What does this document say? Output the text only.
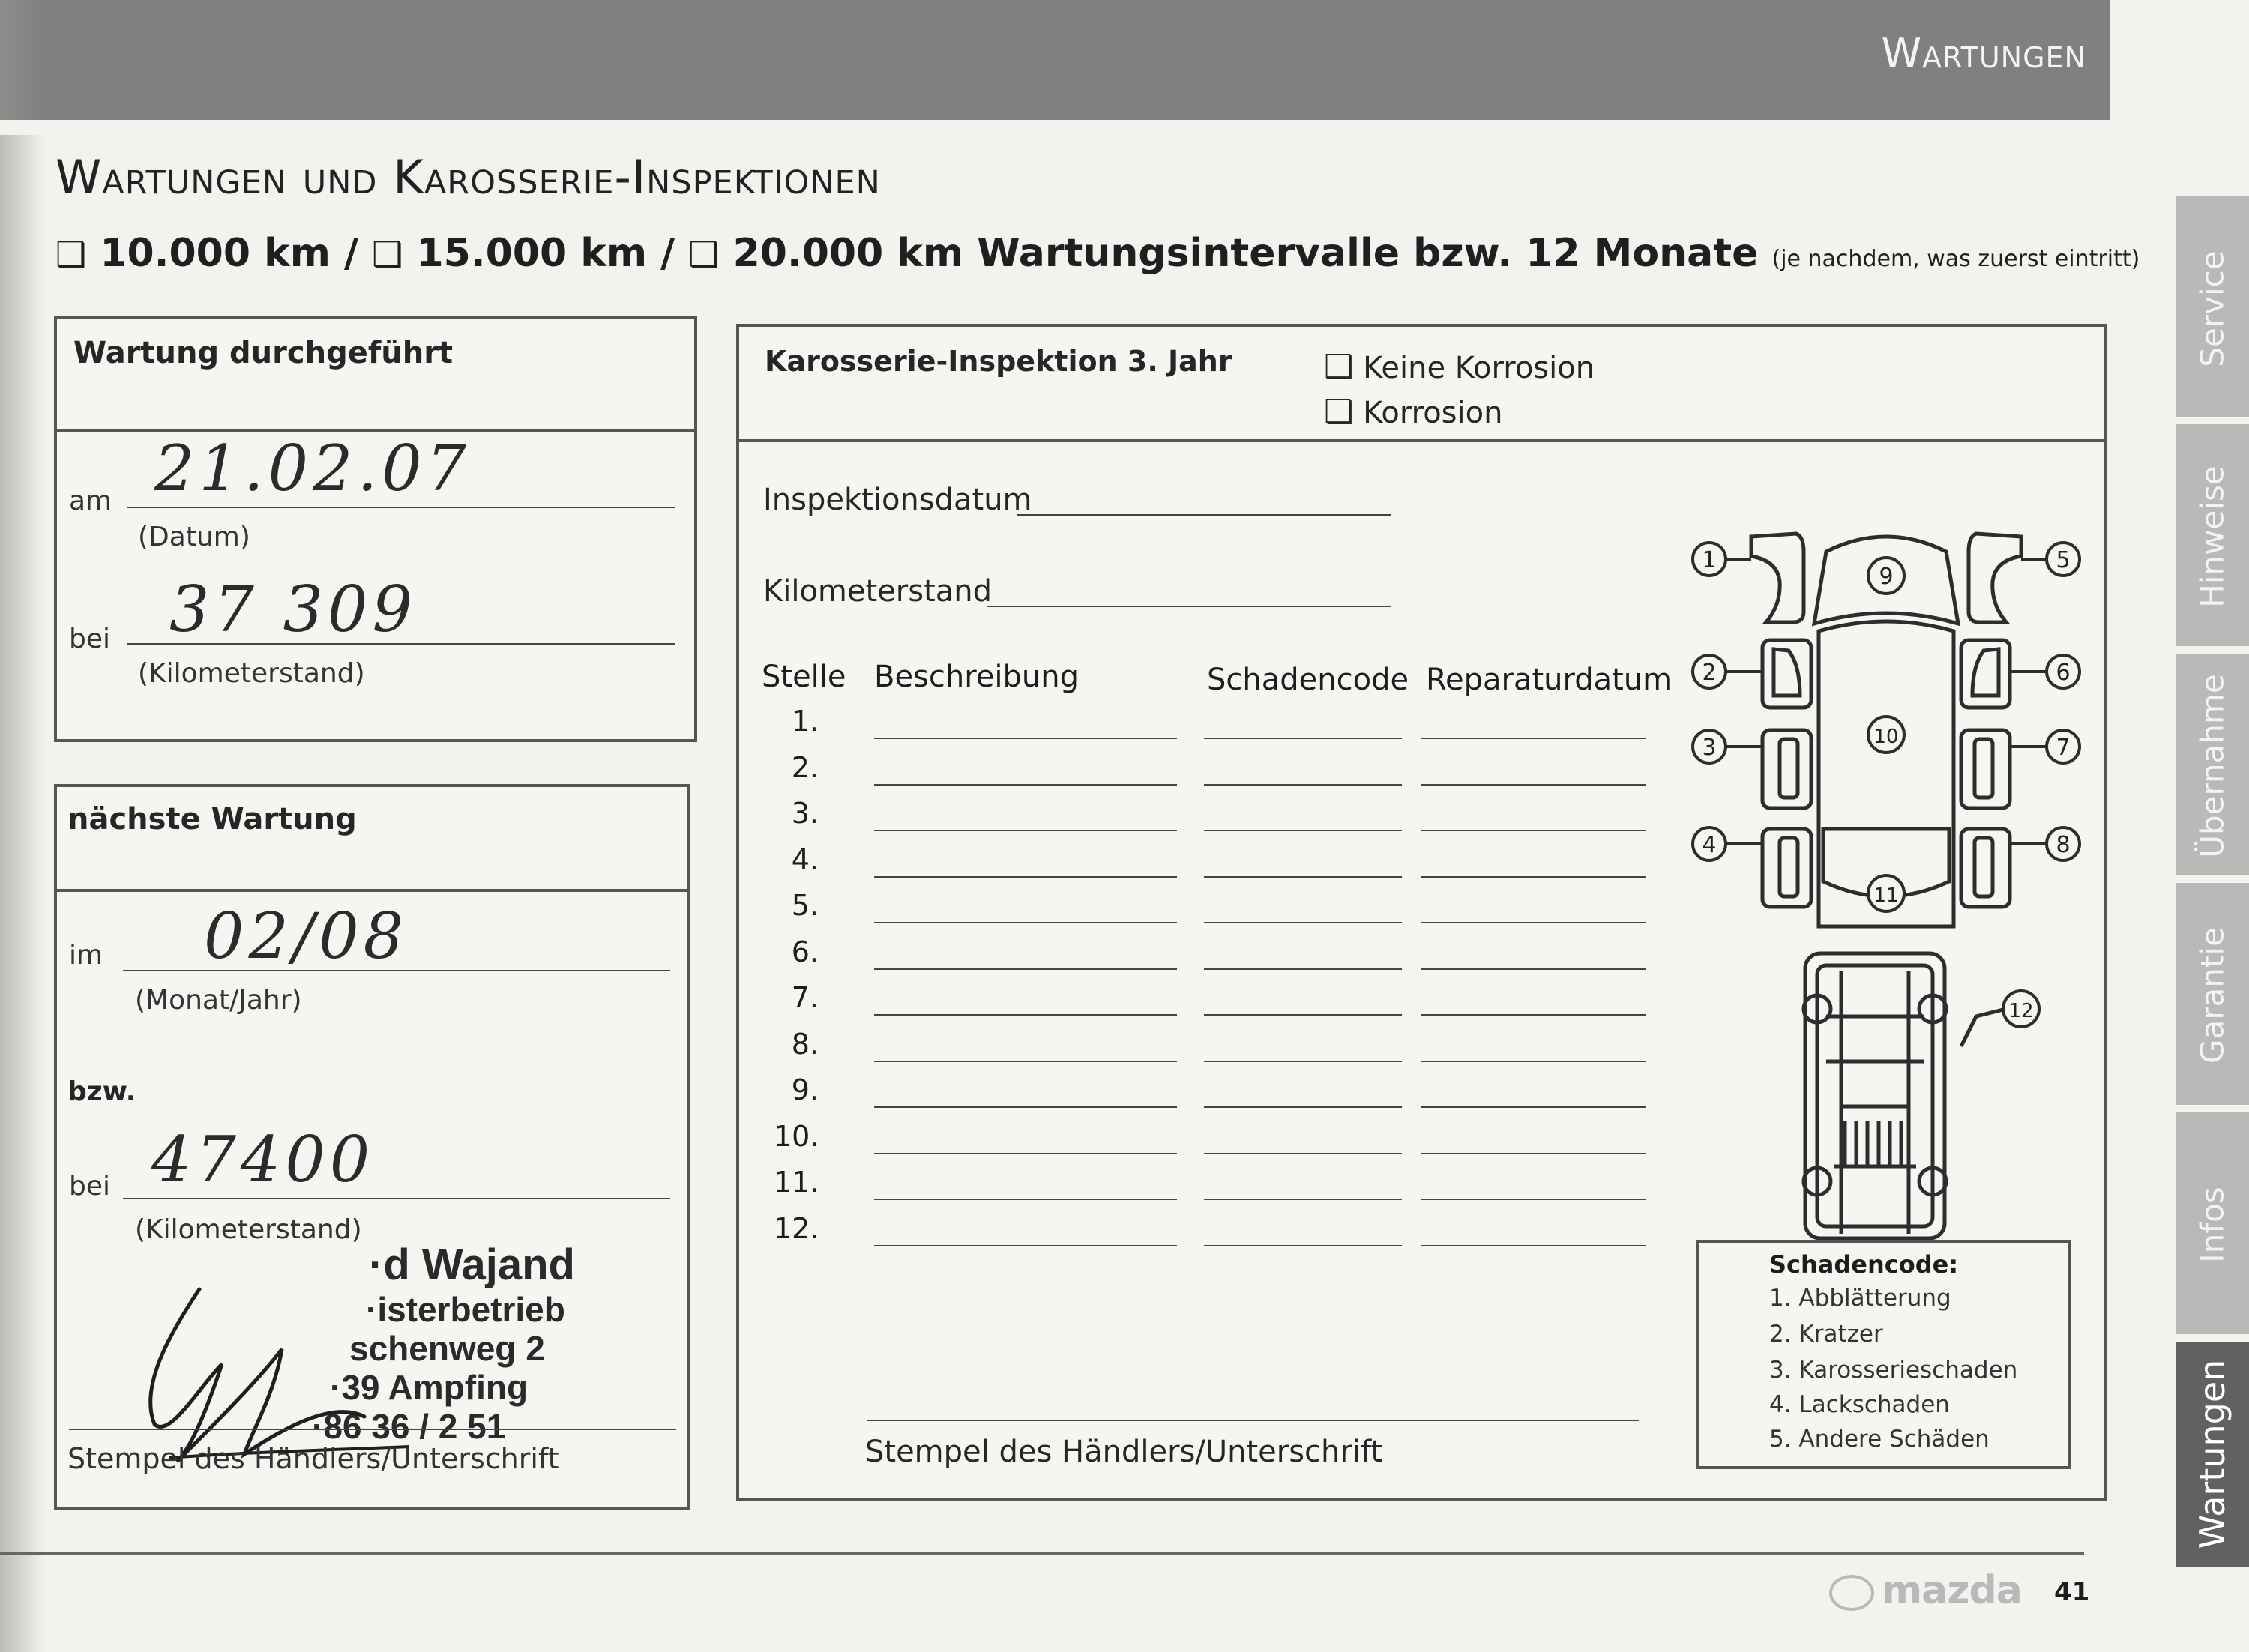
Wartungen
Wartungen und Karosserie-Inspektionen
❑ 10.000 km / ❑ 15.000 km / ❑ 20.000 km Wartungsintervalle bzw. 12 Monate (je nachdem, was zuerst eintritt)
Wartung durchgeführt
am 21.02.07
(Datum)
bei 37 309
(Kilometerstand)
nächste Wartung
im 02/08
(Monat/Jahr)
bzw.
bei 47400
(Kilometerstand)
·d Wajand
·isterbetrieb
schenweg 2
·39 Ampfing
·86 36 / 2 51
Stempel des Händlers/Unterschrift
Karosserie-Inspektion 3. Jahr	❑ Keine Korrosion
❑ Korrosion
Inspektionsdatum
Kilometerstand
Stelle Beschreibung	Schadencode Reparaturdatum
1.
2.
3.
4.
5.
6.
7.
8.
9.
10.
11.
12.
Stempel des Händlers/Unterschrift
1
2
3
4
5
6
7
8
9
10
11
12
Schadencode:
1. Abblätterung
2. Kratzer
3. Karosserieschaden
4. Lackschaden
5. Andere Schäden
Service
Hinweise
Übernahme
Garantie
Infos
Wartungen
mazda 41
